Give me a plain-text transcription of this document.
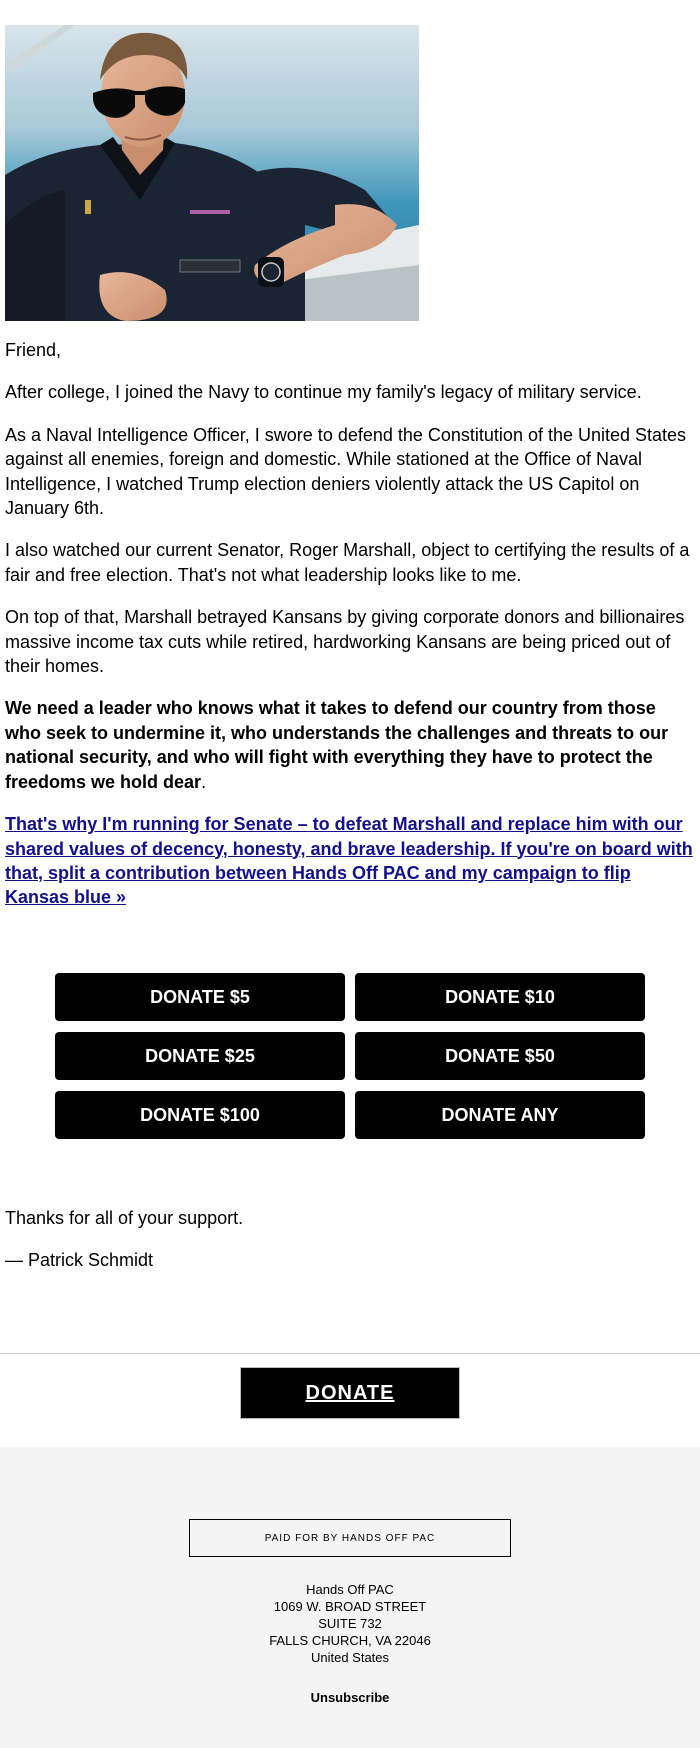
Friend,

After college, I joined the Navy to continue my family's legacy of military service.

As a Naval Intelligence Officer, I swore to defend the Constitution of the United States against all enemies, foreign and domestic. While stationed at the Office of Naval Intelligence, I watched Trump election deniers violently attack the US Capitol on January 6th.

I also watched our current Senator, Roger Marshall, object to certifying the results of a fair and free election. That's not what leadership looks like to me.

On top of that, Marshall betrayed Kansans by giving corporate donors and billionaires massive income tax cuts while retired, hardworking Kansans are being priced out of their homes.

We need a leader who knows what it takes to defend our country from those who seek to undermine it, who understands the challenges and threats to our national security, and who will fight with everything they have to protect the freedoms we hold dear.

That's why I'm running for Senate – to defeat Marshall and replace him with our shared values of decency, honesty, and brave leadership. If you're on board with that, split a contribution between Hands Off PAC and my campaign to flip Kansas blue »

DONATE $5	DONATE $10
DONATE $25	DONATE $50
DONATE $100	DONATE ANY

Thanks for all of your support.

— Patrick Schmidt

DONATE
PAID FOR BY HANDS OFF PAC
Hands Off PAC
1069 W. BROAD STREET
SUITE 732
FALLS CHURCH, VA 22046
United States
Unsubscribe
